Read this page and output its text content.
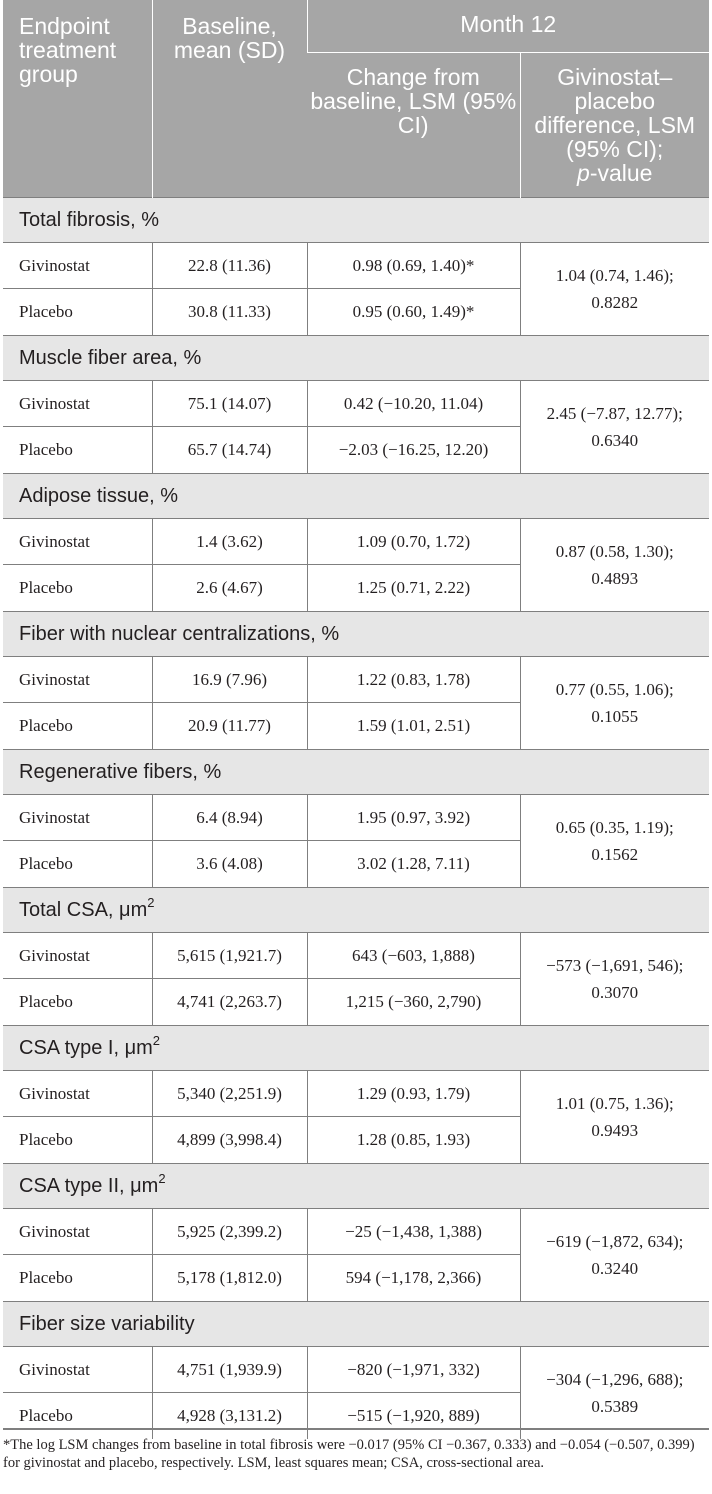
Endpoint treatment group	Baseline, mean (SD)	Month 12	
		Change from baseline, LSM (95% CI)	Givinostat–placebo difference, LSM (95% CI);
p-value
Total fibrosis, %			
Givinostat	22.8 (11.36)	0.98 (0.69, 1.40)*	1.04 (0.74, 1.46);
0.8282
Placebo	30.8 (11.33)	0.95 (0.60, 1.49)*	
Muscle fiber area, %			
Givinostat	75.1 (14.07)	0.42 (−10.20, 11.04)	2.45 (−7.87, 12.77);
0.6340
Placebo	65.7 (14.74)	−2.03 (−16.25, 12.20)	
Adipose tissue, %			
Givinostat	1.4 (3.62)	1.09 (0.70, 1.72)	0.87 (0.58, 1.30);
0.4893
Placebo	2.6 (4.67)	1.25 (0.71, 2.22)	
Fiber with nuclear centralizations, %			
Givinostat	16.9 (7.96)	1.22 (0.83, 1.78)	0.77 (0.55, 1.06);
0.1055
Placebo	20.9 (11.77)	1.59 (1.01, 2.51)	
Regenerative fibers, %			
Givinostat	6.4 (8.94)	1.95 (0.97, 3.92)	0.65 (0.35, 1.19);
0.1562
Placebo	3.6 (4.08)	3.02 (1.28, 7.11)	
Total CSA, $\mu m^2$
Givinostat	5,615 (1,921.7)	643 (−603, 1,888)	−573 (−1,691, 546);
0.3070
Placebo	4,741 (2,263.7)	1,215 (−360, 2,790)	
CSA type I, $\mu m^2$
Givinostat	5,340 (2,251.9)	1.29 (0.93, 1.79)	1.01 (0.75, 1.36);
0.9493
Placebo	4,899 (3,998.4)	1.28 (0.85, 1.93)	
CSA type II, $\mu m^2$
Givinostat	5,925 (2,399.2)	−25 (−1,438, 1,388)	−619 (−1,872, 634);
0.3240
Placebo	5,178 (1,812.0)	594 (−1,178, 2,366)	
Fiber size variability			
Givinostat	4,751 (1,939.9)	−820 (−1,971, 332)	−304 (−1,296, 688);
0.5389
Placebo	4,928 (3,131.2)	−515 (−1,920, 889)	
*The log LSM changes from baseline in total fibrosis were −0.017 (95% CI −0.367, 0.333) and −0.054 (−0.507, 0.399) for givinostat and placebo, respectively. LSM, least squares mean; CSA, cross-sectional area.
